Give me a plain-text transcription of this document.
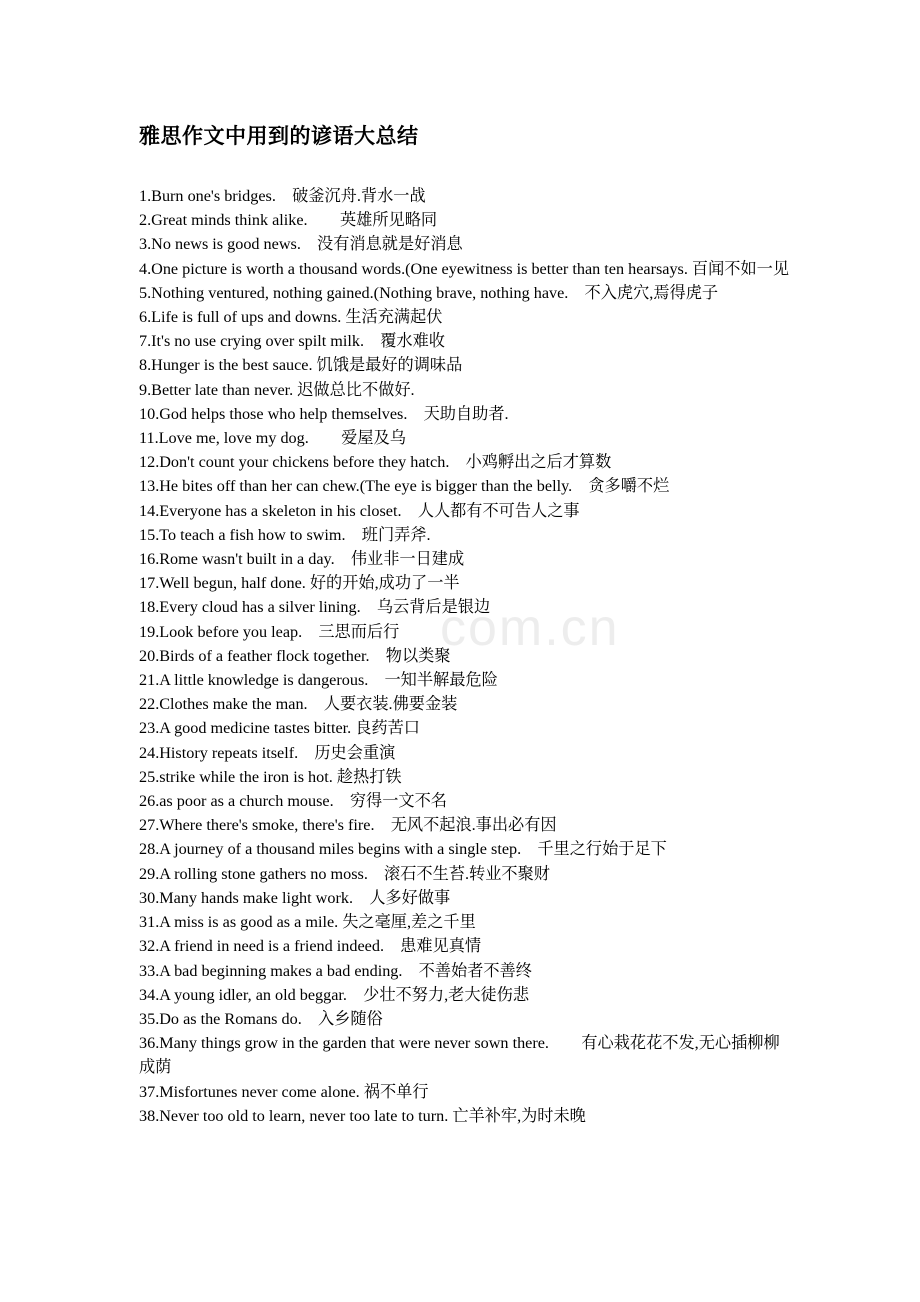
雅思作文中用到的谚语大总结
1.Burn one's bridges.　破釜沉舟.背水一战
2.Great minds think alike.　　英雄所见略同
3.No news is good news.　没有消息就是好消息
4.One picture is worth a thousand words.(One eyewitness is better than ten hearsays. 百闻不如一见
5.Nothing ventured, nothing gained.(Nothing brave, nothing have.　不入虎穴,焉得虎子
6.Life is full of ups and downs. 生活充满起伏
7.It's no use crying over spilt milk.　覆水难收
8.Hunger is the best sauce. 饥饿是最好的调味品
9.Better late than never. 迟做总比不做好.
10.God helps those who help themselves.　天助自助者.
11.Love me, love my dog.　　爱屋及乌
12.Don't count your chickens before they hatch.　小鸡孵出之后才算数
13.He bites off than her can chew.(The eye is bigger than the belly.　贪多嚼不烂
14.Everyone has a skeleton in his closet.　人人都有不可告人之事
15.To teach a fish how to swim.　班门弄斧.
16.Rome wasn't built in a day.　伟业非一日建成
17.Well begun, half done. 好的开始,成功了一半
18.Every cloud has a silver lining.　乌云背后是银边
19.Look before you leap.　三思而后行
20.Birds of a feather flock together.　物以类聚
21.A little knowledge is dangerous.　一知半解最危险
22.Clothes make the man.　人要衣装.佛要金装
23.A good medicine tastes bitter. 良药苦口
24.History repeats itself.　历史会重演
25.strike while the iron is hot. 趁热打铁
26.as poor as a church mouse.　穷得一文不名
27.Where there's smoke, there's fire.　无风不起浪.事出必有因
28.A journey of a thousand miles begins with a single step.　千里之行始于足下
29.A rolling stone gathers no moss.　滚石不生苔.转业不聚财
30.Many hands make light work.　人多好做事
31.A miss is as good as a mile. 失之毫厘,差之千里
32.A friend in need is a friend indeed.　患难见真情
33.A bad beginning makes a bad ending.　不善始者不善终
34.A young idler, an old beggar.　少壮不努力,老大徒伤悲
35.Do as the Romans do.　入乡随俗
36.Many things grow in the garden that were never sown there.　　有心栽花花不发,无心插柳柳成荫
37.Misfortunes never come alone. 祸不单行
38.Never too old to learn, never too late to turn. 亡羊补牢,为时未晚
com.cn
